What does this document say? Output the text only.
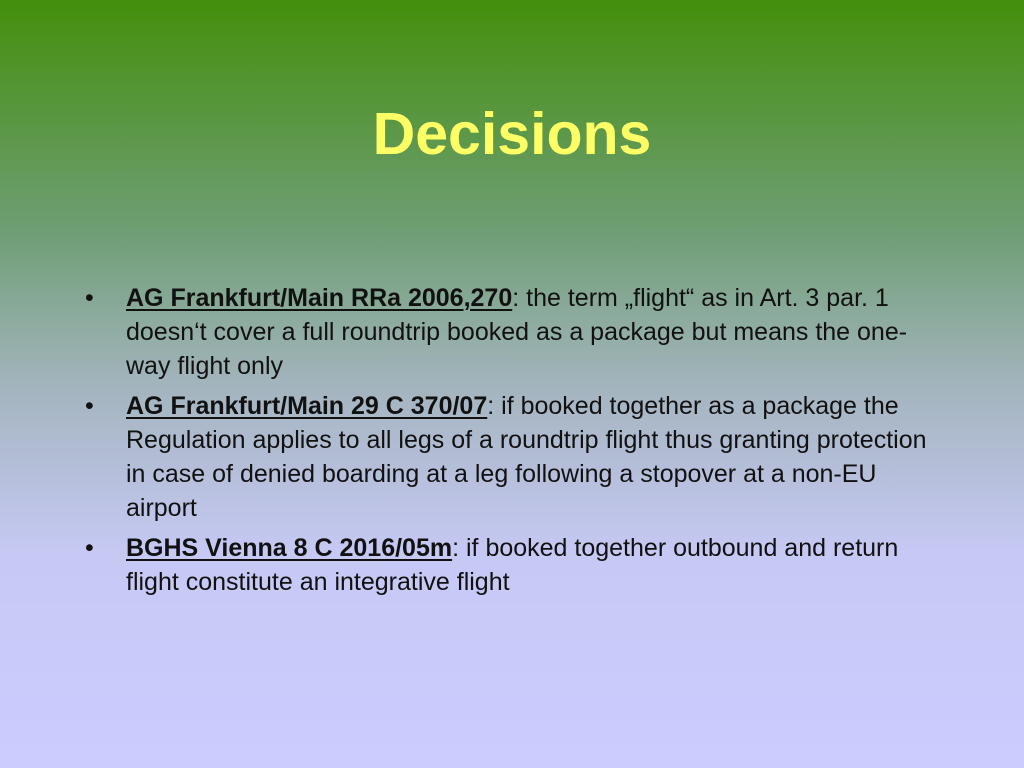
Decisions
• AG Frankfurt/Main RRa 2006,270: the term „flight“ as in Art. 3 par. 1 doesn‘t cover a full roundtrip booked as a package but means the one-way flight only
• AG Frankfurt/Main 29 C 370/07: if booked together as a package the Regulation applies to all legs of a roundtrip flight thus granting protection in case of denied boarding at a leg following a stopover at a non-EU airport
• BGHS Vienna 8 C 2016/05m: if booked together outbound and return flight constitute an integrative flight
